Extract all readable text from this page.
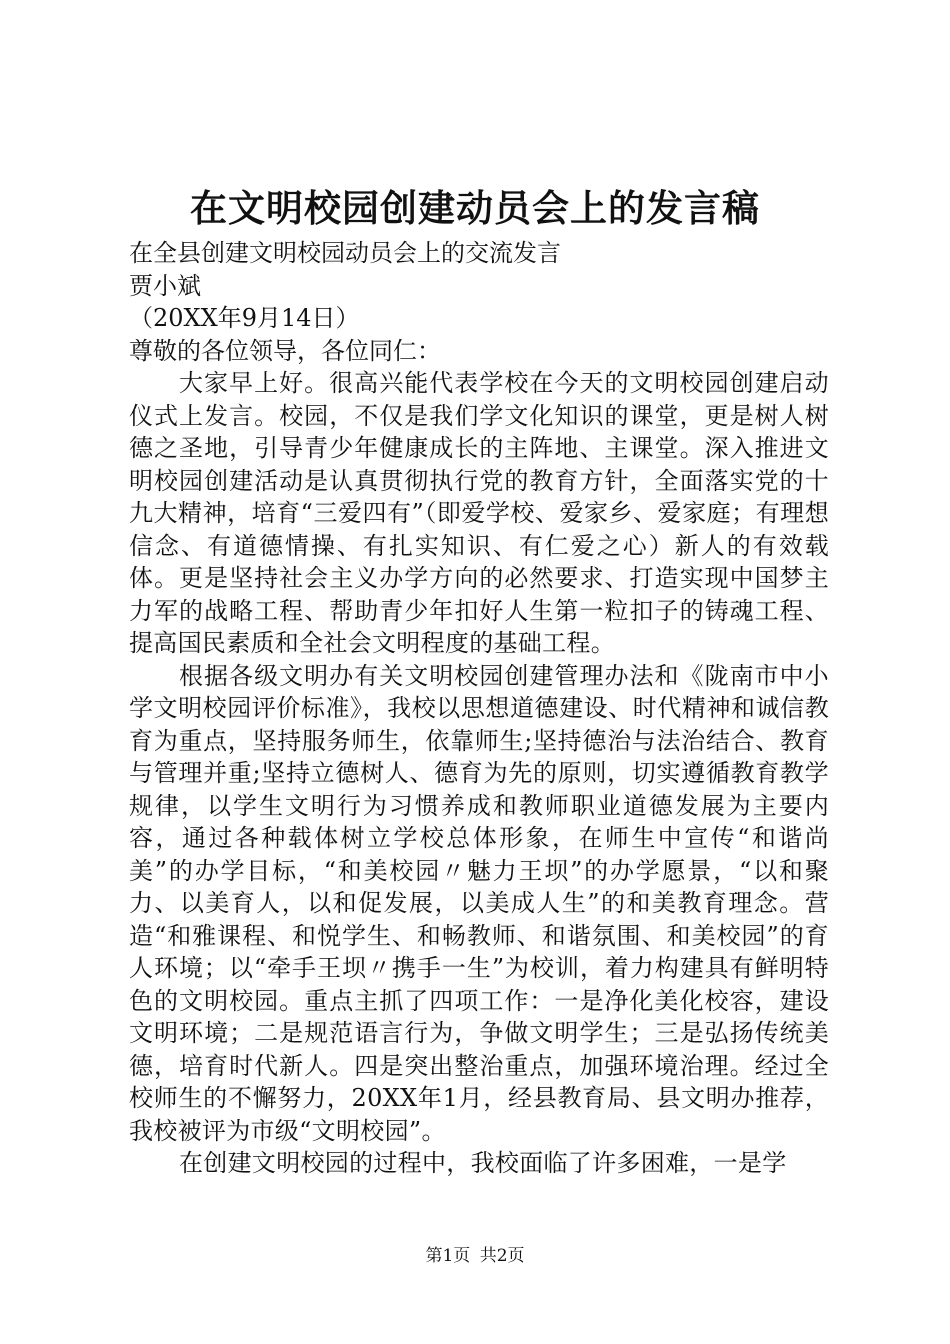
在文明校园创建动员会上的发言稿

在全县创建文明校园动员会上的交流发言

贾小斌

（20XX年9月14日）

尊敬的各位领导，各位同仁：

大家早上好。很高兴能代表学校在今天的文明校园创建启动仪式上发言。校园，不仅是我们学文化知识的课堂，更是树人树德之圣地，引导青少年健康成长的主阵地、主课堂。深入推进文明校园创建活动是认真贯彻执行党的教育方针，全面落实党的十九大精神，培育“三爱四有”（即爱学校、爱家乡、爱家庭；有理想信念、有道德情操、有扎实知识、有仁爱之心）新人的有效载体。更是坚持社会主义办学方向的必然要求、打造实现中国梦主力军的战略工程、帮助青少年扣好人生第一粒扣子的铸魂工程、提高国民素质和全社会文明程度的基础工程。

根据各级文明办有关文明校园创建管理办法和《陇南市中小学文明校园评价标准》，我校以思想道德建设、时代精神和诚信教育为重点，坚持服务师生，依靠师生;坚持德治与法治结合、教育与管理并重;坚持立德树人、德育为先的原则，切实遵循教育教学规律，以学生文明行为习惯养成和教师职业道德发展为主要内容，通过各种载体树立学校总体形象，在师生中宣传“和谐尚美”的办学目标，“和美校园〃魅力王坝”的办学愿景，“以和聚力、以美育人，以和促发展，以美成人生”的和美教育理念。营造“和雅课程、和悦学生、和畅教师、和谐氛围、和美校园”的育人环境；以“牵手王坝〃携手一生”为校训，着力构建具有鲜明特色的文明校园。重点主抓了四项工作：一是净化美化校容，建设文明环境；二是规范语言行为，争做文明学生；三是弘扬传统美德，培育时代新人。四是突出整治重点，加强环境治理。经过全校师生的不懈努力，20XX年1月，经县教育局、县文明办推荐，我校被评为市级“文明校园”。

在创建文明校园的过程中，我校面临了许多困难，一是学

第1页 共2页
